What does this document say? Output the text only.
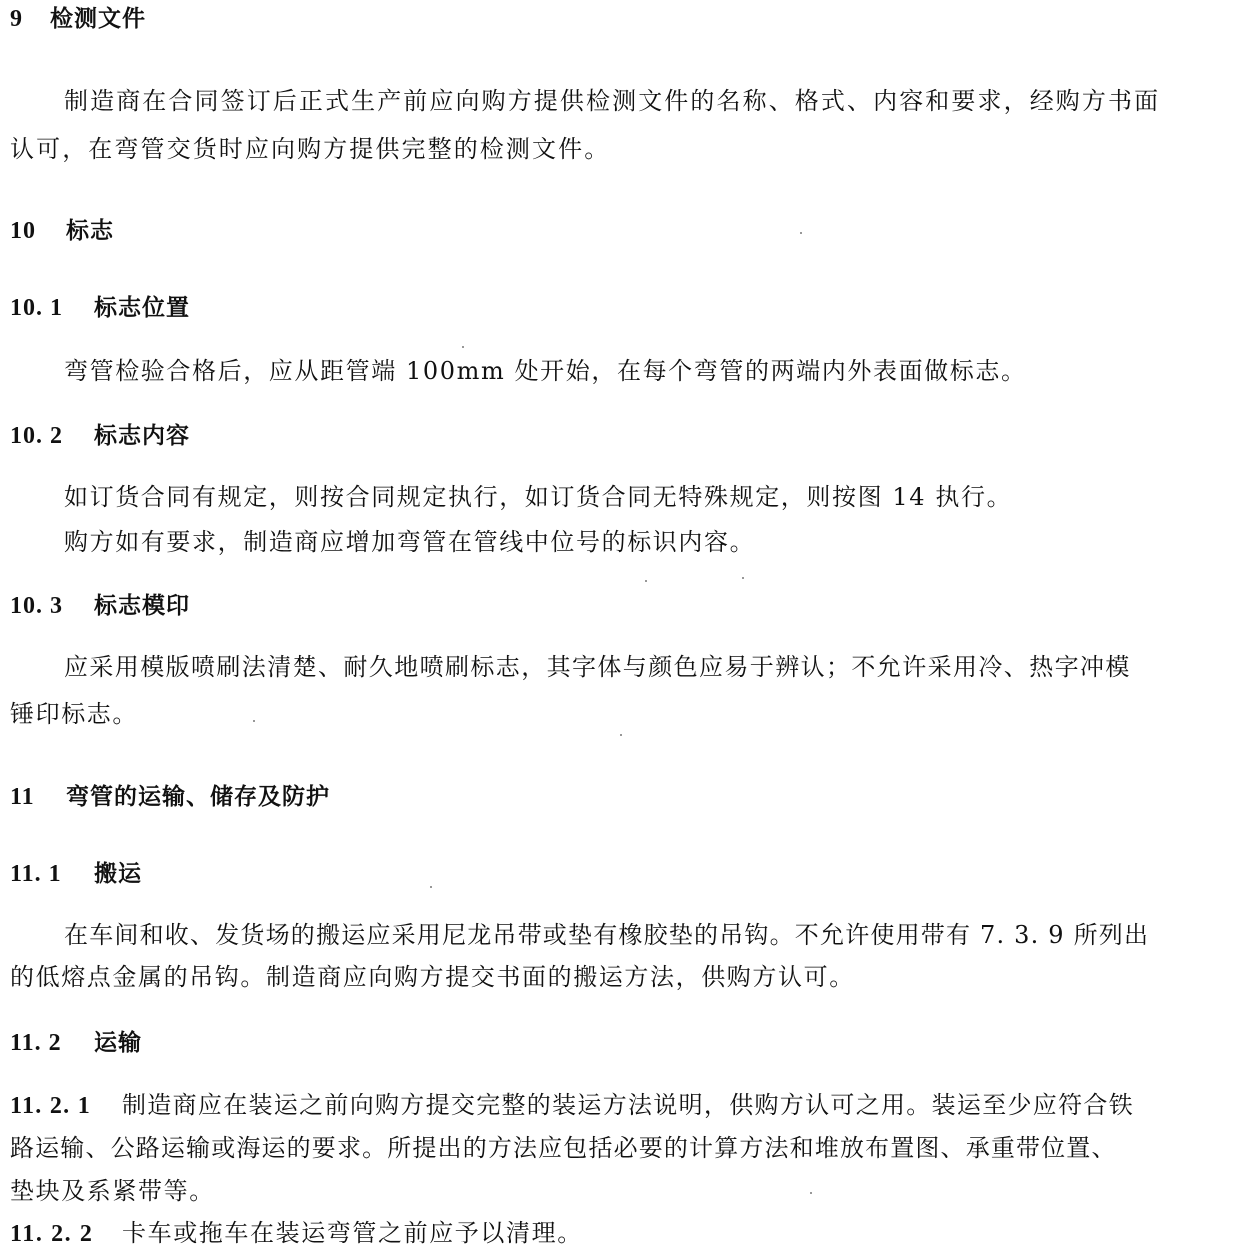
9 检测文件
制造商在合同签订后正式生产前应向购方提供检测文件的名称、格式、内容和要求，经购方书面
认可，在弯管交货时应向购方提供完整的检测文件。
10 标志
10. 1 标志位置
弯管检验合格后，应从距管端 100mm 处开始，在每个弯管的两端内外表面做标志。
10. 2 标志内容
如订货合同有规定，则按合同规定执行，如订货合同无特殊规定，则按图 14 执行。
购方如有要求，制造商应增加弯管在管线中位号的标识内容。
10. 3 标志模印
应采用模版喷刷法清楚、耐久地喷刷标志，其字体与颜色应易于辨认；不允许采用冷、热字冲模
锤印标志。
11 弯管的运输、储存及防护
11. 1 搬运
在车间和收、发货场的搬运应采用尼龙吊带或垫有橡胶垫的吊钩。不允许使用带有 7. 3. 9 所列出
的低熔点金属的吊钩。制造商应向购方提交书面的搬运方法，供购方认可。
11. 2 运输
11. 2. 1 制造商应在装运之前向购方提交完整的装运方法说明，供购方认可之用。装运至少应符合铁
路运输、公路运输或海运的要求。所提出的方法应包括必要的计算方法和堆放布置图、承重带位置、
垫块及系紧带等。
11. 2. 2 卡车或拖车在装运弯管之前应予以清理。
